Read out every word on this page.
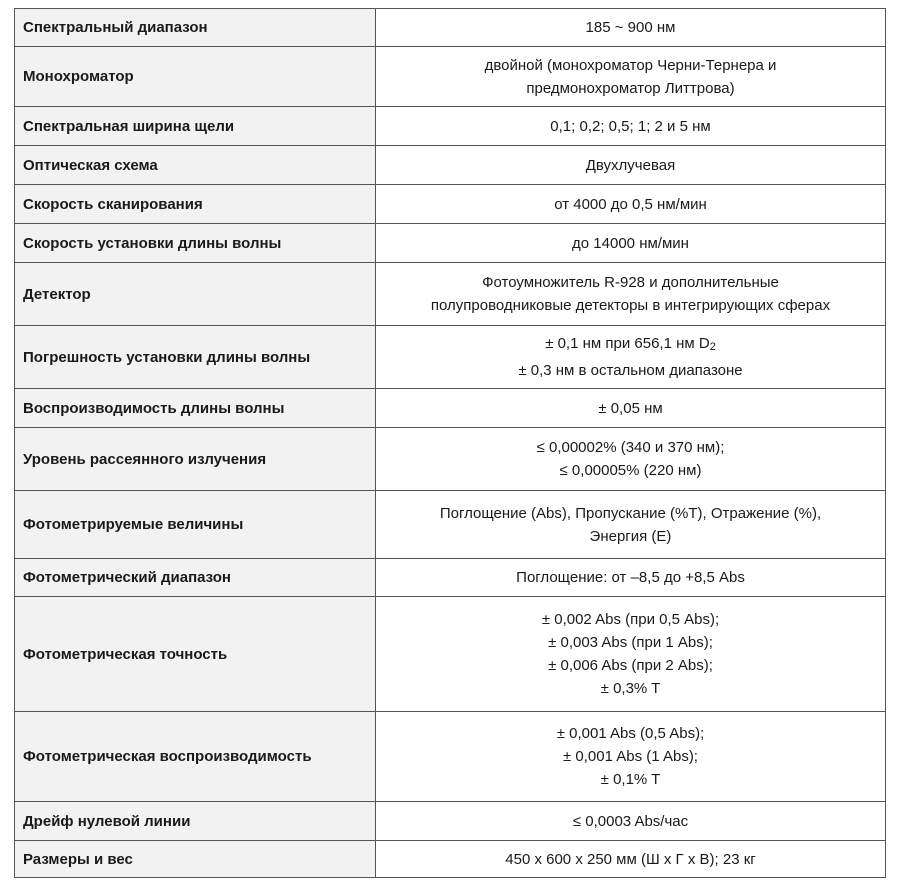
Спектральный диапазон	185 ~ 900 нм

Монохроматор	двойной (монохроматор Черни-Тернера и
предмонохроматор Литтрова)

Спектральная ширина щели	0,1; 0,2; 0,5; 1; 2 и 5 нм

Оптическая схема	Двухлучевая

Скорость сканирования	от 4000 до 0,5 нм/мин

Скорость установки длины волны	до 14000 нм/мин

Детектор	Фотоумножитель R-928 и дополнительные
полупроводниковые детекторы в интегрирующих сферах

Погрешность установки длины волны	± 0,1 нм при 656,1 нм D2
± 0,3 нм в остальном диапазоне

Воспроизводимость длины волны	± 0,05 нм

Уровень рассеянного излучения	≤ 0,00002% (340 и 370 нм);
≤ 0,00005% (220 нм)

Фотометрируемые величины	Поглощение (Abs), Пропускание (%T), Отражение (%),
Энергия (E)

Фотометрический диапазон	Поглощение: от –8,5 до +8,5 Abs

Фотометрическая точность	± 0,002 Abs (при 0,5 Abs);
± 0,003 Abs (при 1 Abs);
± 0,006 Abs (при 2 Abs);
± 0,3% T

Фотометрическая воспроизводимость	± 0,001 Abs (0,5 Abs);
± 0,001 Abs (1 Abs);
± 0,1% T

Дрейф нулевой линии	≤ 0,0003 Abs/час

Размеры и вес	450 x 600 x 250 мм (Ш x Г x В); 23 кг
